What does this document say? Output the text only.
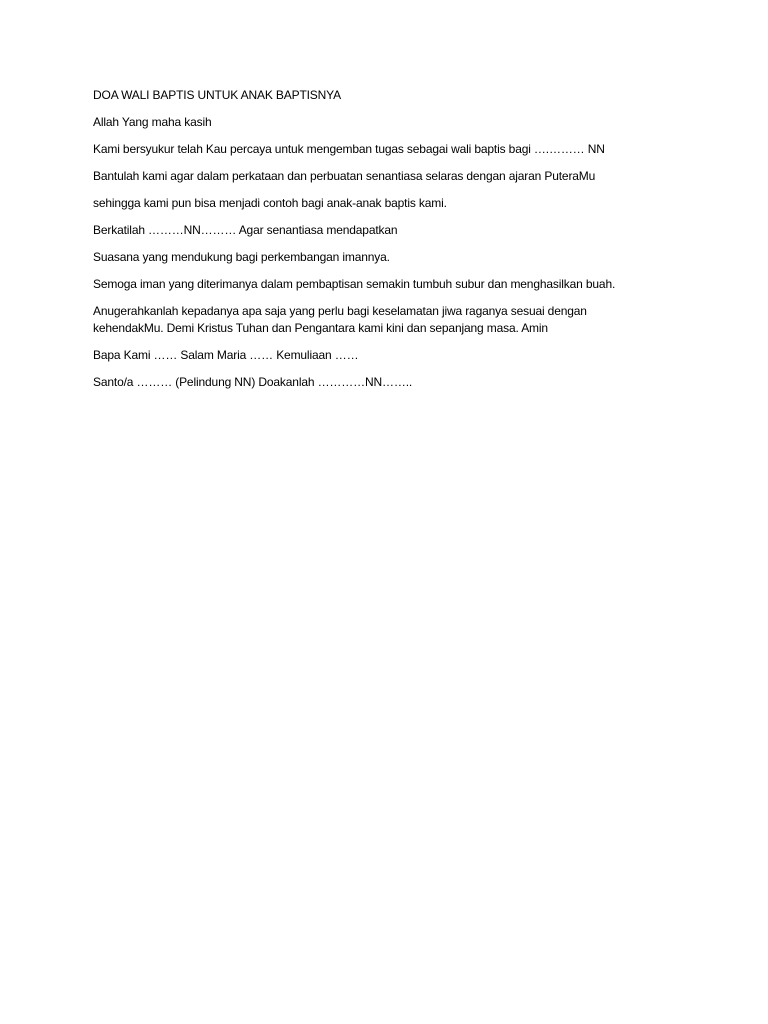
DOA WALI BAPTIS UNTUK ANAK BAPTISNYA

Allah Yang maha kasih

Kami bersyukur telah Kau percaya untuk mengemban tugas sebagai wali baptis bagi ….……… NN

Bantulah kami agar dalam perkataan dan perbuatan senantiasa selaras dengan ajaran PuteraMu

sehingga kami pun bisa menjadi contoh bagi anak-anak baptis kami.

Berkatilah ………NN……… Agar senantiasa mendapatkan

Suasana yang mendukung bagi perkembangan imannya.

Semoga iman yang diterimanya dalam pembaptisan semakin tumbuh subur dan menghasilkan buah.

Anugerahkanlah kepadanya apa saja yang perlu bagi keselamatan jiwa raganya sesuai dengan kehendakMu. Demi Kristus Tuhan dan Pengantara kami kini dan sepanjang masa. Amin

Bapa Kami …… Salam Maria …… Kemuliaan ……

Santo/a ……… (Pelindung NN) Doakanlah …………NN……..
